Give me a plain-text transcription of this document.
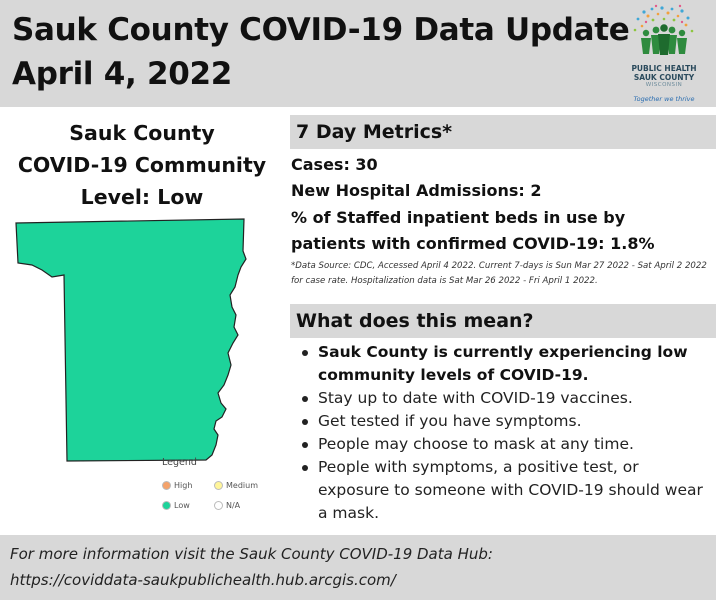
Sauk County COVID-19 Data Update
April 4, 2022	PUBLIC HEALTH
SAUK COUNTY
WISCONSIN
Together we thrive
Sauk County
COVID-19 Community
Level: Low
Legend
High	Medium
Low	N/A
7 Day Metrics*
Cases: 30
New Hospital Admissions: 2
% of Staffed inpatient beds in use by
patients with confirmed COVID-19: 1.8%
*Data Source: CDC, Accessed April 4 2022. Current 7-days is Sun Mar 27 2022 - Sat April 2 2022 for case rate. Hospitalization data is Sat Mar 26 2022 - Fri April 1 2022.
What does this mean?
Sauk County is currently experiencing low community levels of COVID-19.
Stay up to date with COVID-19 vaccines.
Get tested if you have symptoms.
People may choose to mask at any time.
People with symptoms, a positive test, or exposure to someone with COVID-19 should wear a mask.
For more information visit the Sauk County COVID-19 Data Hub:
https://coviddata-saukpublichealth.hub.arcgis.com/
